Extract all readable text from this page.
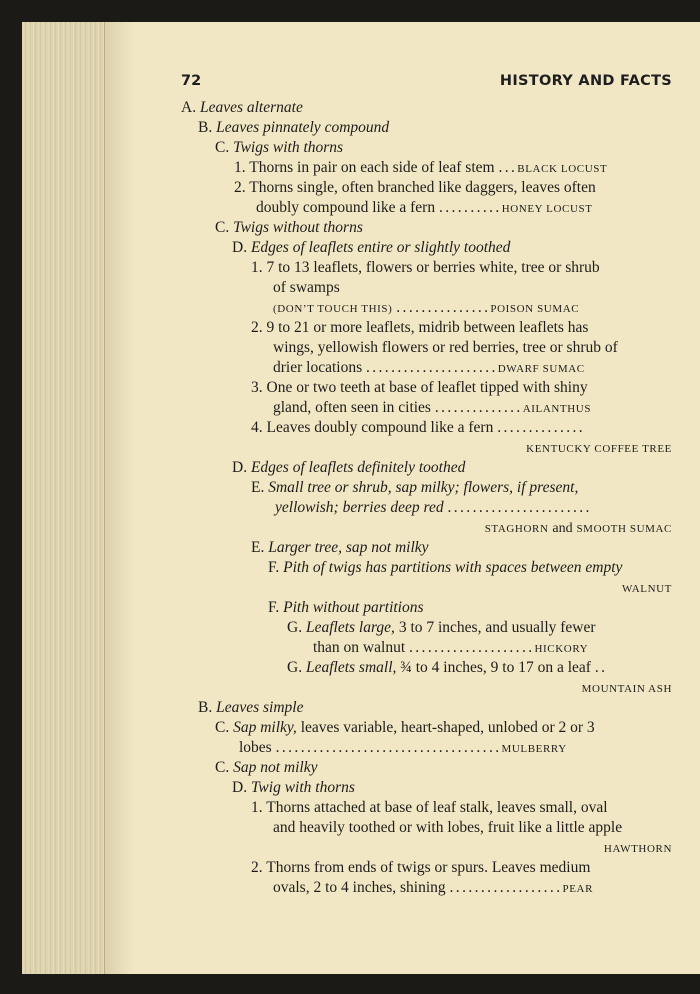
72	HISTORY AND FACTS
A. Leaves alternate
B. Leaves pinnately compound
C. Twigs with thorns
1. Thorns in pair on each side of leaf stem ...BLACK LOCUST
2. Thorns single, often branched like daggers, leaves often
doubly compound like a fern ..........HONEY LOCUST
C. Twigs without thorns
D. Edges of leaflets entire or slightly toothed
1. 7 to 13 leaflets, flowers or berries white, tree or shrub
of swamps
(DON’T TOUCH THIS) ...............POISON SUMAC
2. 9 to 21 or more leaflets, midrib between leaflets has
wings, yellowish flowers or red berries, tree or shrub of
drier locations .....................DWARF SUMAC
3. One or two teeth at base of leaflet tipped with shiny
gland, often seen in cities ..............AILANTHUS
4. Leaves doubly compound like a fern ..............
KENTUCKY COFFEE TREE
D. Edges of leaflets definitely toothed
E. Small tree or shrub, sap milky; flowers, if present,
yellowish; berries deep red .......................
STAGHORN and SMOOTH SUMAC
E. Larger tree, sap not milky
F. Pith of twigs has partitions with spaces between empty
WALNUT
F. Pith without partitions
G. Leaflets large, 3 to 7 inches, and usually fewer
than on walnut ....................HICKORY
G. Leaflets small, ¾ to 4 inches, 9 to 17 on a leaf ..
MOUNTAIN ASH
B. Leaves simple
C. Sap milky, leaves variable, heart-shaped, unlobed or 2 or 3
lobes ....................................MULBERRY
C. Sap not milky
D. Twig with thorns
1. Thorns attached at base of leaf stalk, leaves small, oval
and heavily toothed or with lobes, fruit like a little apple
HAWTHORN
2. Thorns from ends of twigs or spurs. Leaves medium
ovals, 2 to 4 inches, shining ..................PEAR
